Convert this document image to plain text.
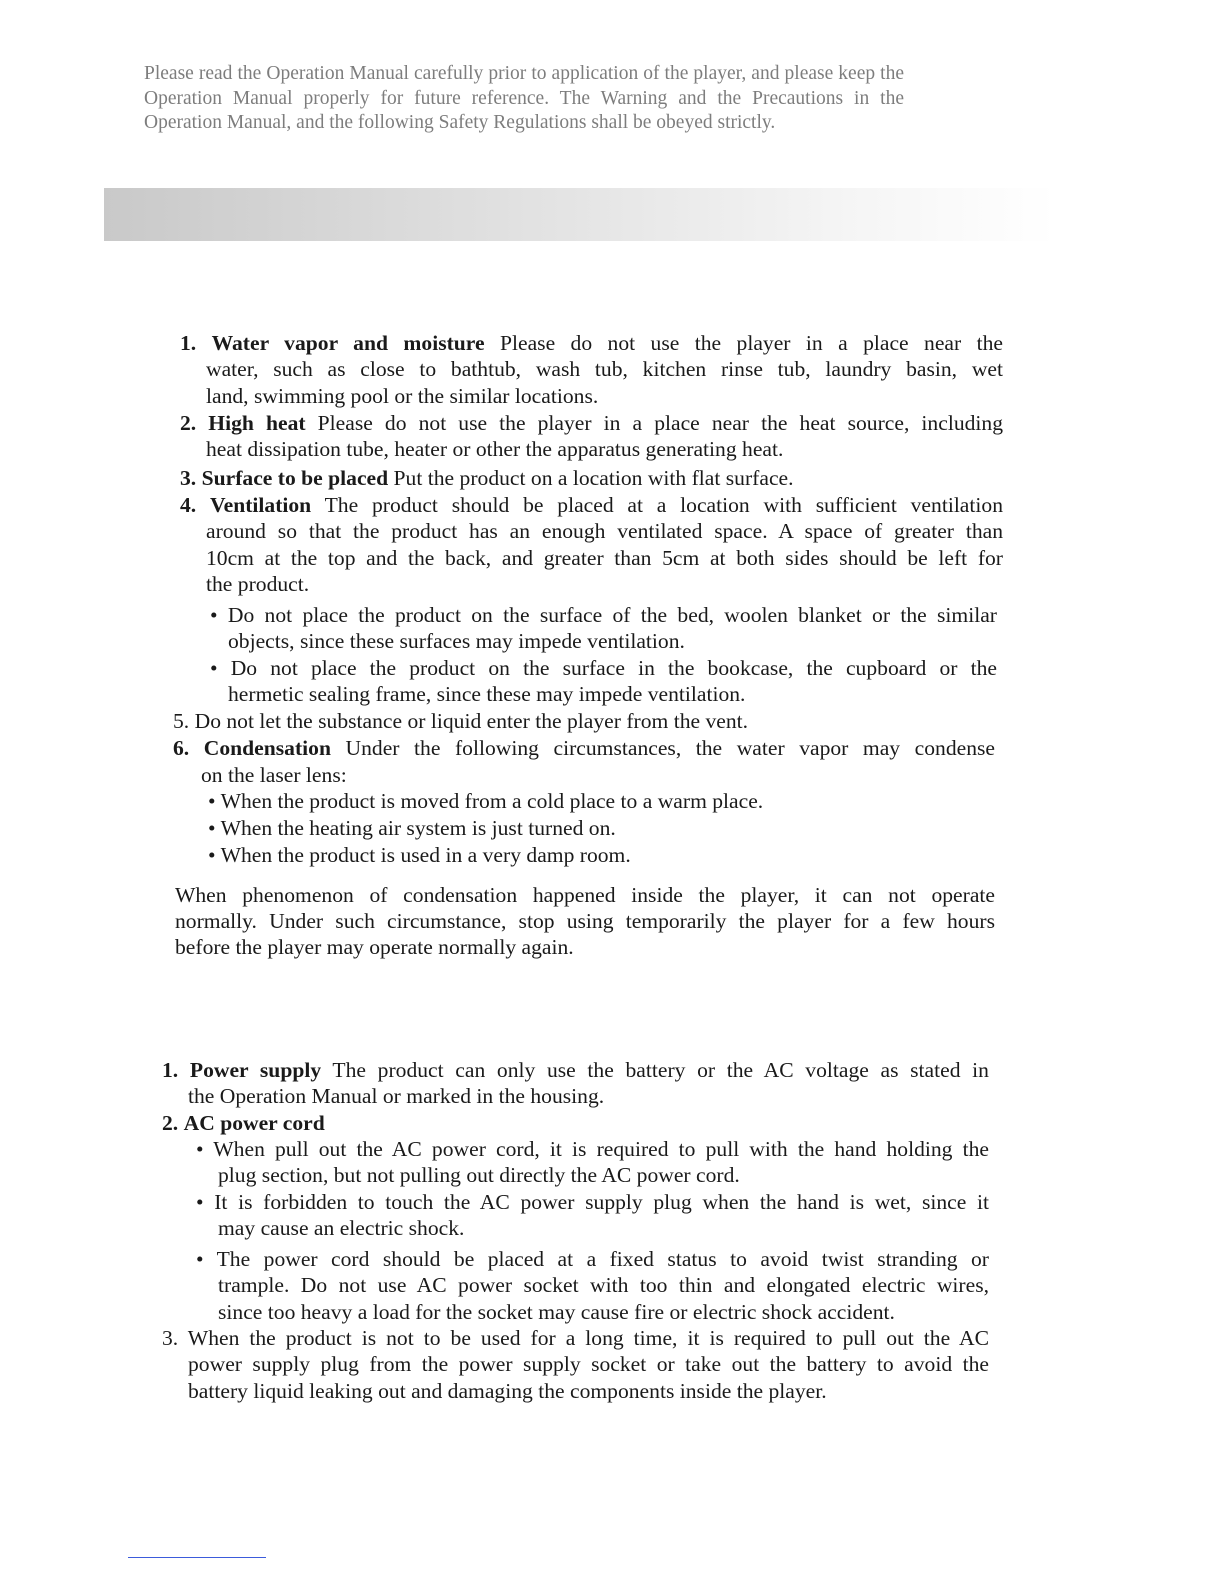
Please read the Operation Manual carefully prior to application of the player, and please keep the Operation Manual properly for future reference. The Warning and the Precautions in the Operation Manual, and the following Safety Regulations shall be obeyed strictly.
1. Water vapor and moisture Please do not use the player in a place near the
water, such as close to bathtub, wash tub, kitchen rinse tub, laundry basin, wet
land, swimming pool or the similar locations.
2. High heat Please do not use the player in a place near the heat source, including
heat dissipation tube, heater or other the apparatus generating heat.
3. Surface to be placed Put the product on a location with flat surface.
4. Ventilation The product should be placed at a location with sufficient ventilation
around so that the product has an enough ventilated space. A space of greater than
10cm at the top and the back, and greater than 5cm at both sides should be left for
the product.
• Do not place the product on the surface of the bed, woolen blanket or the similar
objects, since these surfaces may impede ventilation.
• Do not place the product on the surface in the bookcase, the cupboard or the
hermetic sealing frame, since these may impede ventilation.
5. Do not let the substance or liquid enter the player from the vent.
6. Condensation Under the following circumstances, the water vapor may condense
on the laser lens:
• When the product is moved from a cold place to a warm place.
• When the heating air system is just turned on.
• When the product is used in a very damp room.
When phenomenon of condensation happened inside the player, it can not operate
normally. Under such circumstance, stop using temporarily the player for a few hours
before the player may operate normally again.
1. Power supply The product can only use the battery or the AC voltage as stated in
the Operation Manual or marked in the housing.
2. AC power cord
• When pull out the AC power cord, it is required to pull with the hand holding the
plug section, but not pulling out directly the AC power cord.
• It is forbidden to touch the AC power supply plug when the hand is wet, since it
may cause an electric shock.
• The power cord should be placed at a fixed status to avoid twist stranding or
trample. Do not use AC power socket with too thin and elongated electric wires,
since too heavy a load for the socket may cause fire or electric shock accident.
3. When the product is not to be used for a long time, it is required to pull out the AC
power supply plug from the power supply socket or take out the battery to avoid the
battery liquid leaking out and damaging the components inside the player.
